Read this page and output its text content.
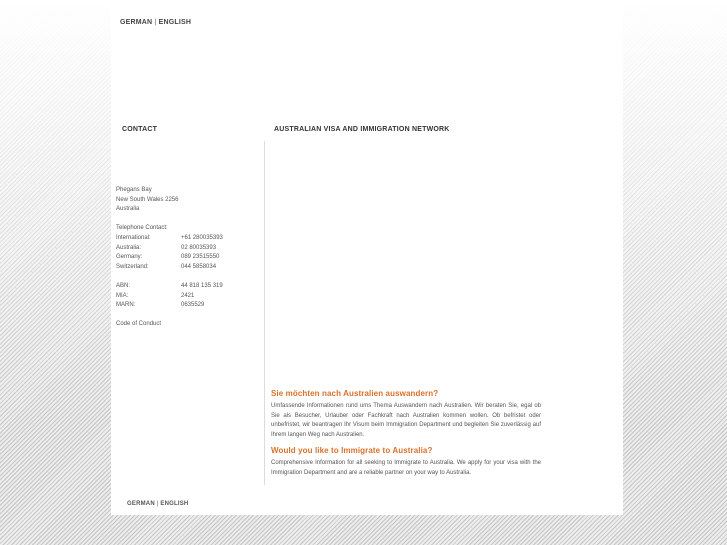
GERMAN | ENGLISH
CONTACT	AUSTRALIAN VISA AND IMMIGRATION NETWORK
Phegans Bay
New South Wales 2256
Australia
Telephone Contact:
International:	+61 280035393
Australia:	02 80035393
Germany:	089 23515550
Switzerland:	044 5858034
ABN:	44 818 135 319
MIA:	2421
MARN:	0635529
Code of Conduct
Sie möchten nach Australien auswandern?

Umfassende Informationen rund ums Thema Auswandern nach Australien. Wir beraten Sie, egal ob Sie als Besucher, Urlauber oder Fachkraft nach Australien kommen wollen. Ob befristet oder unbefristet, wir beantragen Ihr Visum beim Immigration Department und begleiten Sie zuverlässig auf Ihrem langen Weg nach Australien.

Would you like to Immigrate to Australia?

Comprehensive Information for all seeking to Immigrate to Australia. We apply for your visa with the Immigration Department and are a reliable partner on your way to Australia.

GERMAN | ENGLISH
